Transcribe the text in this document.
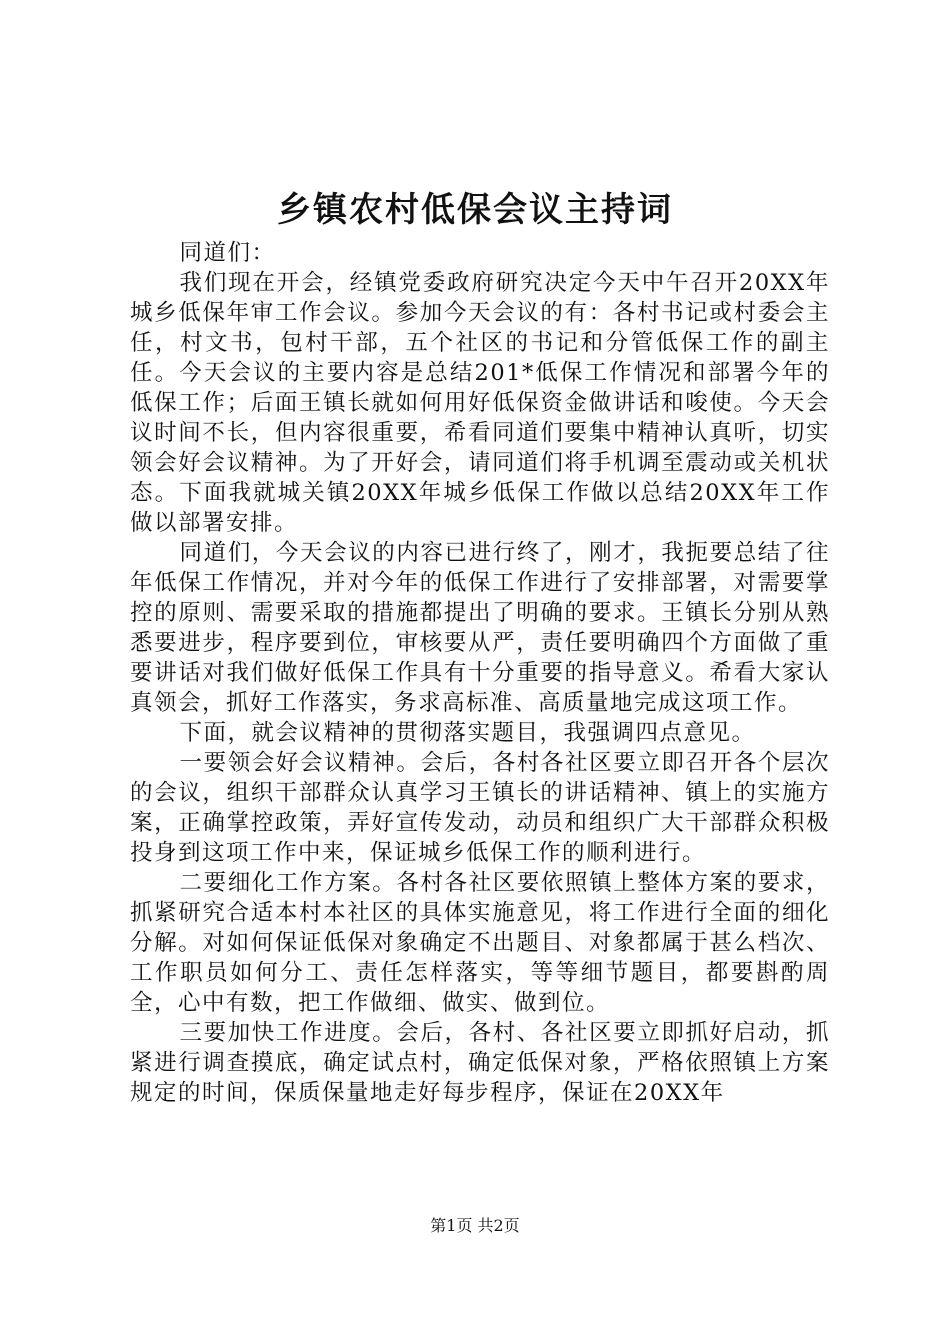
乡镇农村低保会议主持词

同道们：

我们现在开会，经镇党委政府研究决定今天中午召开20XX年城乡低保年审工作会议。参加今天会议的有：各村书记或村委会主任，村文书，包村干部，五个社区的书记和分管低保工作的副主任。今天会议的主要内容是总结201*低保工作情况和部署今年的低保工作；后面王镇长就如何用好低保资金做讲话和唆使。今天会议时间不长，但内容很重要，希看同道们要集中精神认真听，切实领会好会议精神。为了开好会，请同道们将手机调至震动或关机状态。下面我就城关镇20XX年城乡低保工作做以总结20XX年工作做以部署安排。

同道们，今天会议的内容已进行终了，刚才，我扼要总结了往年低保工作情况，并对今年的低保工作进行了安排部署，对需要掌控的原则、需要采取的措施都提出了明确的要求。王镇长分别从熟悉要进步，程序要到位，审核要从严，责任要明确四个方面做了重要讲话对我们做好低保工作具有十分重要的指导意义。希看大家认真领会，抓好工作落实，务求高标准、高质量地完成这项工作。

下面，就会议精神的贯彻落实题目，我强调四点意见。

一要领会好会议精神。会后，各村各社区要立即召开各个层次的会议，组织干部群众认真学习王镇长的讲话精神、镇上的实施方案，正确掌控政策，弄好宣传发动，动员和组织广大干部群众积极投身到这项工作中来，保证城乡低保工作的顺利进行。

二要细化工作方案。各村各社区要依照镇上整体方案的要求，抓紧研究合适本村本社区的具体实施意见，将工作进行全面的细化分解。对如何保证低保对象确定不出题目、对象都属于甚么档次、工作职员如何分工、责任怎样落实，等等细节题目，都要斟酌周全，心中有数，把工作做细、做实、做到位。

三要加快工作进度。会后，各村、各社区要立即抓好启动，抓紧进行调查摸底，确定试点村，确定低保对象，严格依照镇上方案规定的时间，保质保量地走好每步程序，保证在20XX年

第1页 共2页
